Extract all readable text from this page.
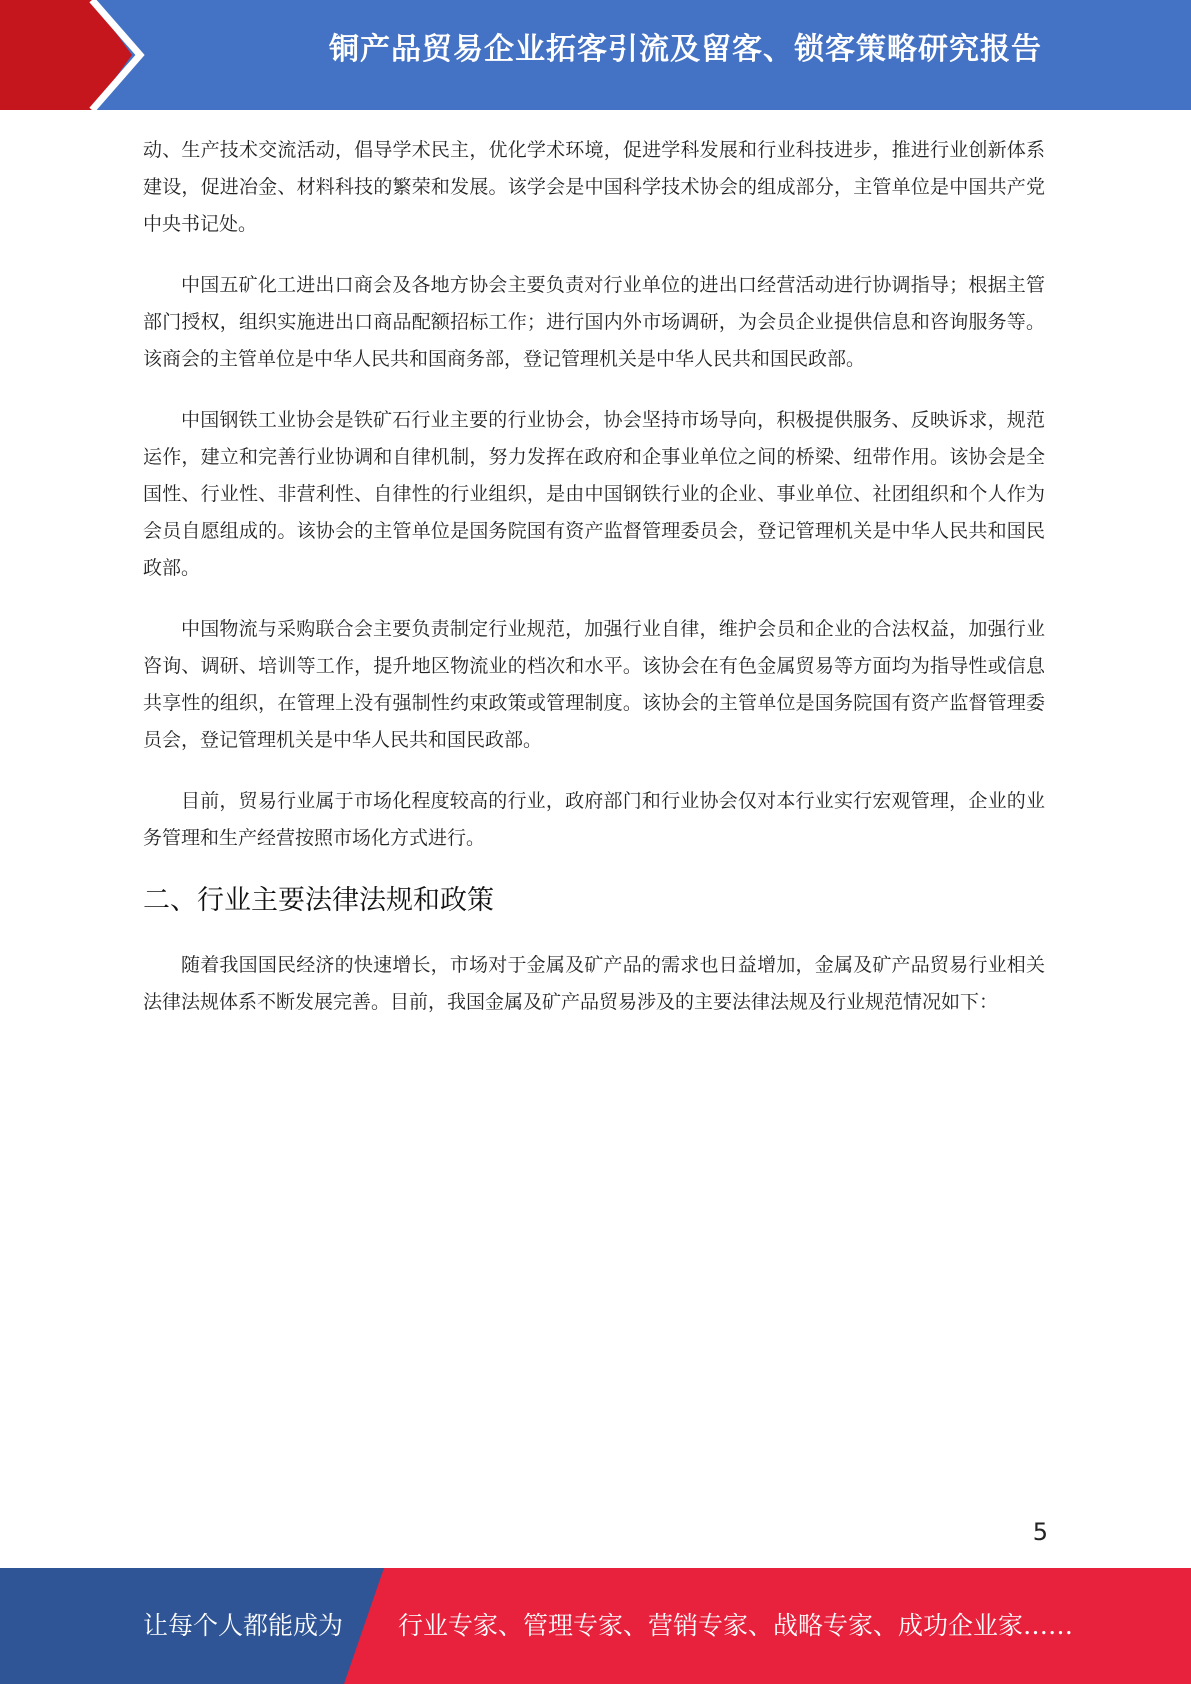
铜产品贸易企业拓客引流及留客、锁客策略研究报告

动、生产技术交流活动，倡导学术民主，优化学术环境，促进学科发展和行业科技进步，推进行业创新体系建设，促进冶金、材料科技的繁荣和发展。该学会是中国科学技术协会的组成部分，主管单位是中国共产党中央书记处。

中国五矿化工进出口商会及各地方协会主要负责对行业单位的进出口经营活动进行协调指导；根据主管部门授权，组织实施进出口商品配额招标工作；进行国内外市场调研，为会员企业提供信息和咨询服务等。该商会的主管单位是中华人民共和国商务部，登记管理机关是中华人民共和国民政部。

中国钢铁工业协会是铁矿石行业主要的行业协会，协会坚持市场导向，积极提供服务、反映诉求，规范运作，建立和完善行业协调和自律机制，努力发挥在政府和企事业单位之间的桥梁、纽带作用。该协会是全国性、行业性、非营利性、自律性的行业组织，是由中国钢铁行业的企业、事业单位、社团组织和个人作为会员自愿组成的。该协会的主管单位是国务院国有资产监督管理委员会，登记管理机关是中华人民共和国民政部。

中国物流与采购联合会主要负责制定行业规范，加强行业自律，维护会员和企业的合法权益，加强行业咨询、调研、培训等工作，提升地区物流业的档次和水平。该协会在有色金属贸易等方面均为指导性或信息共享性的组织，在管理上没有强制性约束政策或管理制度。该协会的主管单位是国务院国有资产监督管理委员会，登记管理机关是中华人民共和国民政部。

目前，贸易行业属于市场化程度较高的行业，政府部门和行业协会仅对本行业实行宏观管理，企业的业务管理和生产经营按照市场化方式进行。

二、行业主要法律法规和政策

随着我国国民经济的快速增长，市场对于金属及矿产品的需求也日益增加，金属及矿产品贸易行业相关法律法规体系不断发展完善。目前，我国金属及矿产品贸易涉及的主要法律法规及行业规范情况如下：

5
让每个人都能成为 行业专家、管理专家、营销专家、战略专家、成功企业家……
